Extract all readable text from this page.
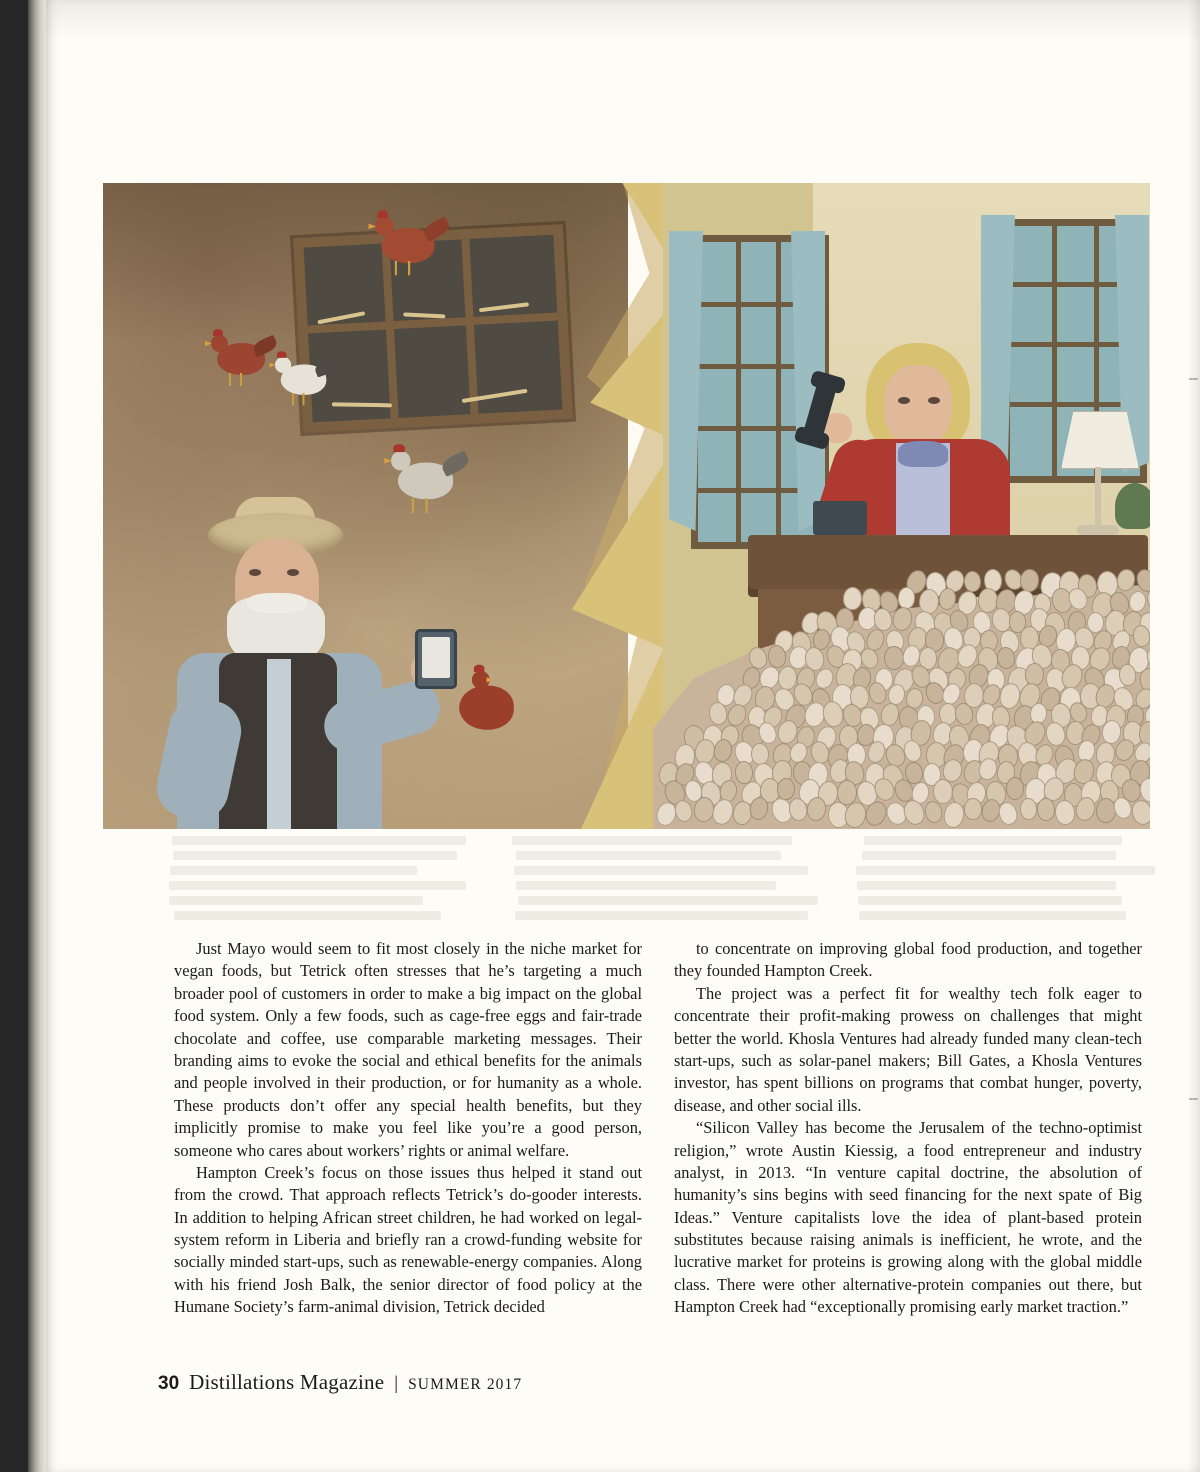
Just Mayo would seem to fit most closely in the niche market for vegan foods, but Tetrick often stresses that he’s targeting a much broader pool of customers in order to make a big impact on the global food system. Only a few foods, such as cage-free eggs and fair-trade chocolate and coffee, use comparable marketing messages. Their branding aims to evoke the social and ethical benefits for the animals and people involved in their production, or for humanity as a whole. These products don’t offer any special health benefits, but they implicitly promise to make you feel like you’re a good person, someone who cares about workers’ rights or animal welfare.

Hampton Creek’s focus on those issues thus helped it stand out from the crowd. That approach reflects Tetrick’s do-gooder interests. In addition to helping African street children, he had worked on legal-system reform in Liberia and briefly ran a crowd-funding website for socially minded start-ups, such as renewable-energy companies. Along with his friend Josh Balk, the senior director of food policy at the Humane Society’s farm-animal division, Tetrick decided

to concentrate on improving global food production, and together they founded Hampton Creek.

The project was a perfect fit for wealthy tech folk eager to concentrate their profit-making prowess on challenges that might better the world. Khosla Ventures had already funded many clean-tech start-ups, such as solar-panel makers; Bill Gates, a Khosla Ventures investor, has spent billions on programs that combat hunger, poverty, disease, and other social ills.

“Silicon Valley has become the Jerusalem of the techno-optimist religion,” wrote Austin Kiessig, a food entrepreneur and industry analyst, in 2013. “In venture capital doctrine, the absolution of humanity’s sins begins with seed financing for the next spate of Big Ideas.” Venture capitalists love the idea of plant-based protein substitutes because raising animals is inefficient, he wrote, and the lucrative market for proteins is growing along with the global middle class. There were other alternative-protein companies out there, but Hampton Creek had “exceptionally promising early market traction.”

30 Distillations Magazine | SUMMER 2017
